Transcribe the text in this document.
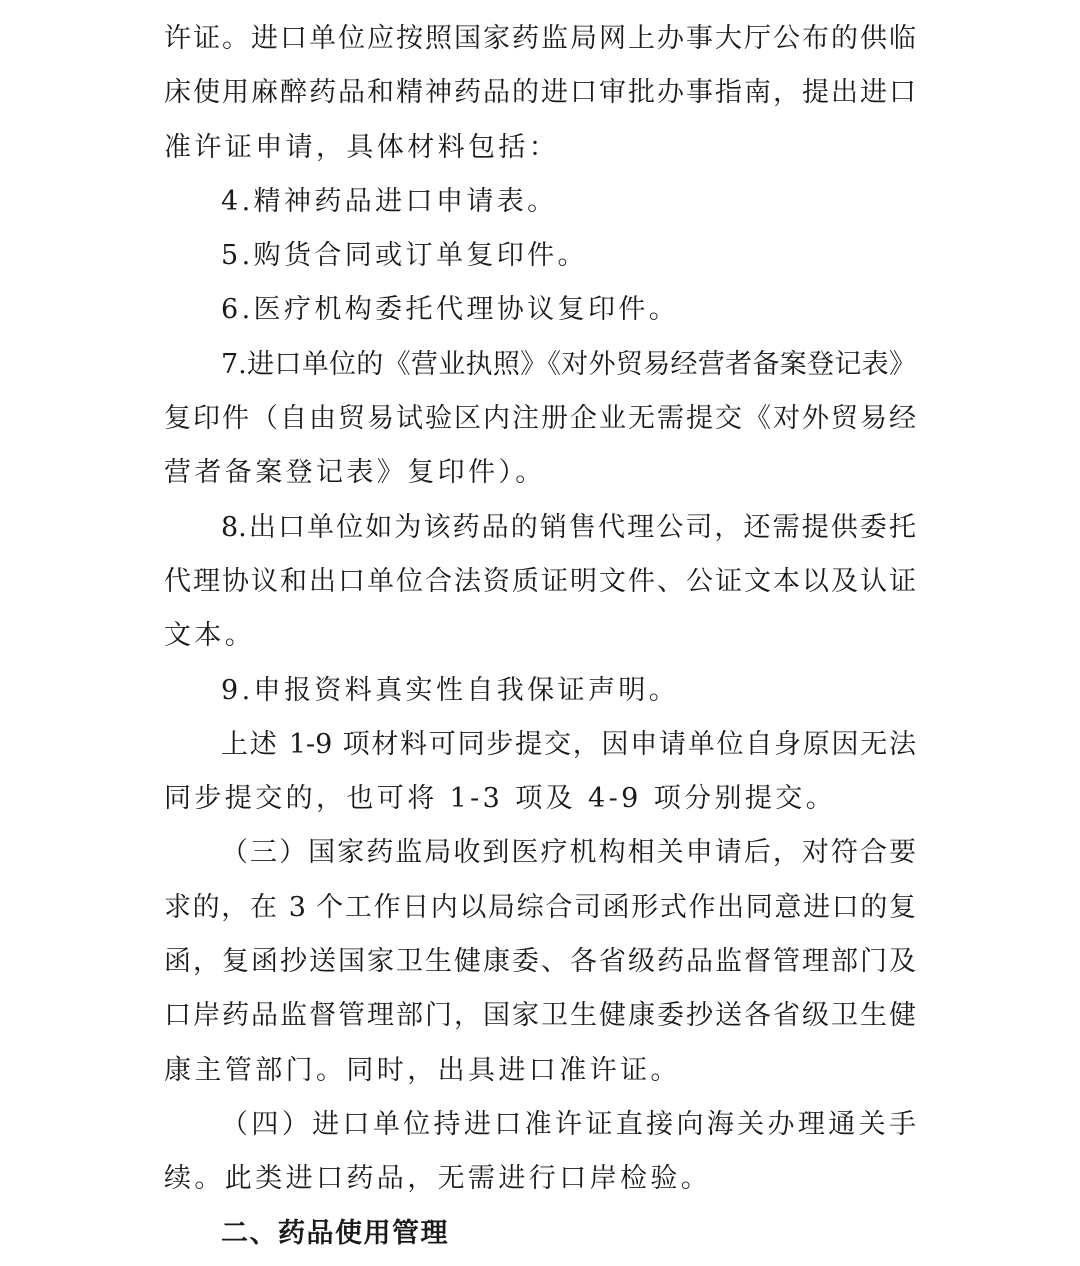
许证。进口单位应按照国家药监局网上办事大厅公布的供临
床使用麻醉药品和精神药品的进口审批办事指南，提出进口
准许证申请，具体材料包括：
4.精神药品进口申请表。
5.购货合同或订单复印件。
6.医疗机构委托代理协议复印件。
7.进口单位的《营业执照》《对外贸易经营者备案登记表》
复印件（自由贸易试验区内注册企业无需提交《对外贸易经
营者备案登记表》复印件）。
8.出口单位如为该药品的销售代理公司，还需提供委托
代理协议和出口单位合法资质证明文件、公证文本以及认证
文本。
9.申报资料真实性自我保证声明。
上述 1-9 项材料可同步提交，因申请单位自身原因无法
同步提交的，也可将 1-3 项及 4-9 项分别提交。
（三）国家药监局收到医疗机构相关申请后，对符合要
求的，在 3 个工作日内以局综合司函形式作出同意进口的复
函，复函抄送国家卫生健康委、各省级药品监督管理部门及
口岸药品监督管理部门，国家卫生健康委抄送各省级卫生健
康主管部门。同时，出具进口准许证。
（四）进口单位持进口准许证直接向海关办理通关手
续。此类进口药品，无需进行口岸检验。
二、药品使用管理
